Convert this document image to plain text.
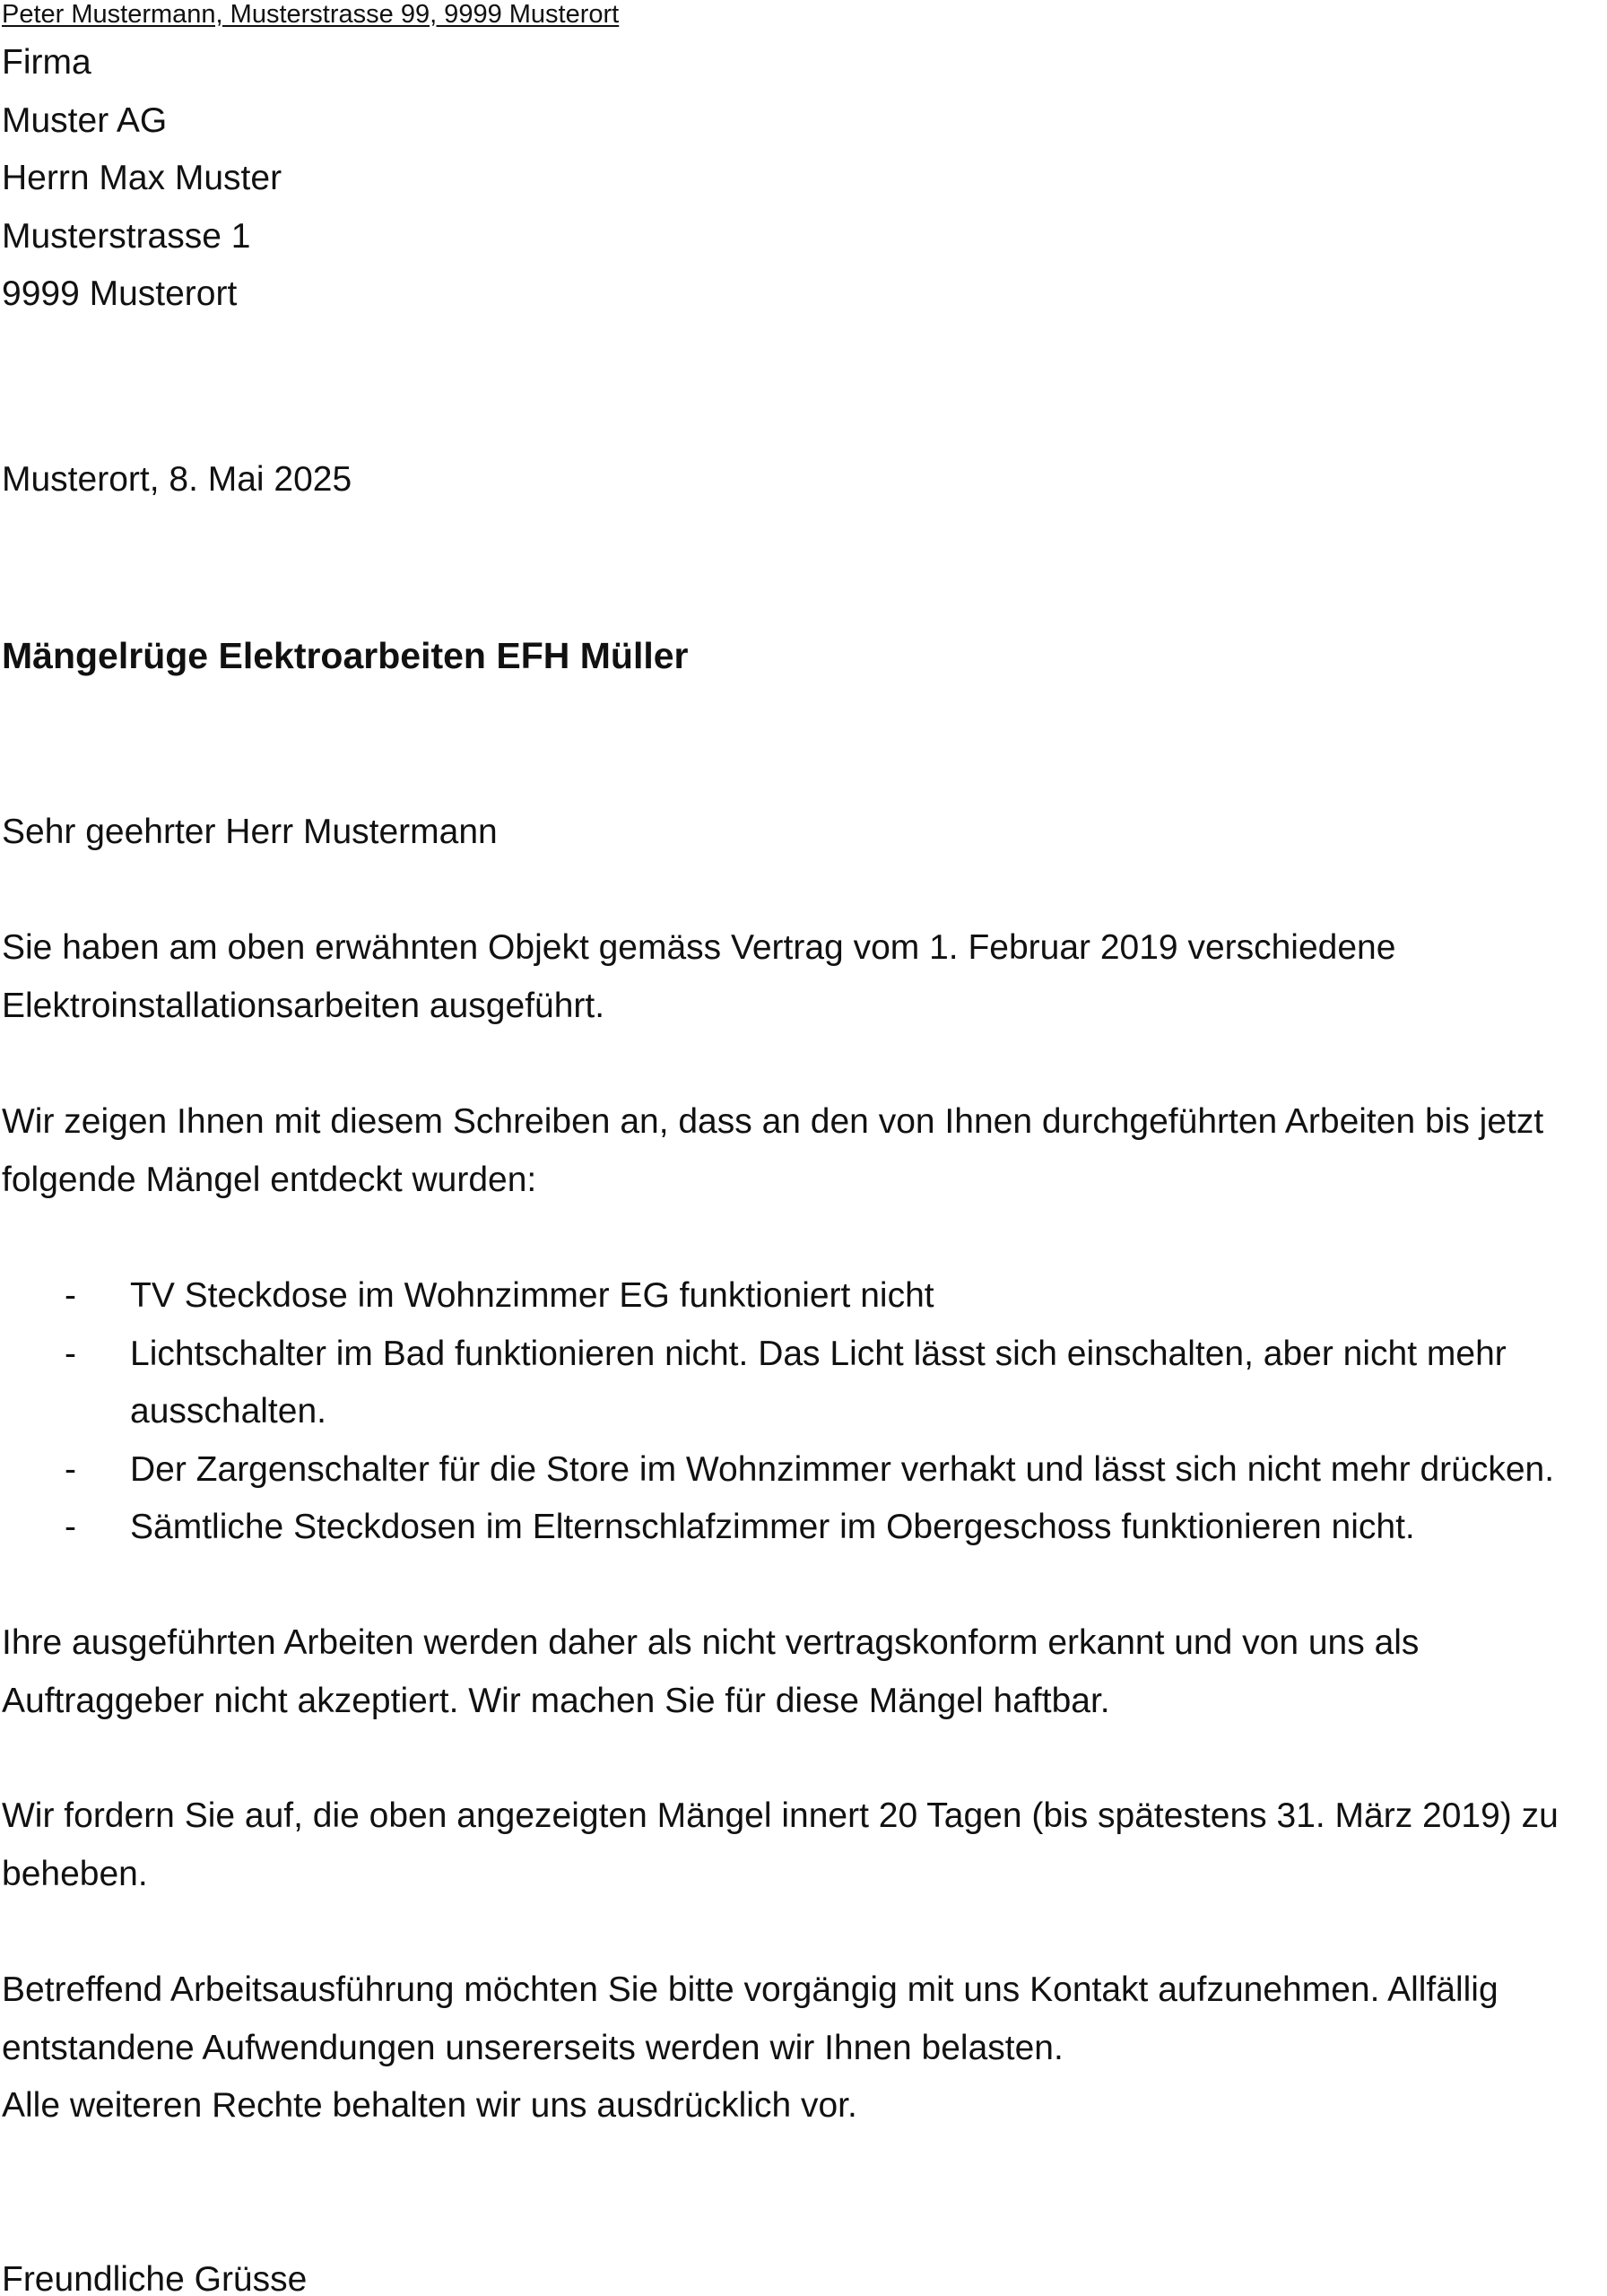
Peter Mustermann, Musterstrasse 99, 9999 Musterort
Firma
Muster AG
Herrn Max Muster
Musterstrasse 1
9999 Musterort
Musterort, 8. Mai 2025
Mängelrüge Elektroarbeiten EFH Müller
Sehr geehrter Herr Mustermann
Sie haben am oben erwähnten Objekt gemäss Vertrag vom 1. Februar 2019 verschiedene
Elektroinstallationsarbeiten ausgeführt.
Wir zeigen Ihnen mit diesem Schreiben an, dass an den von Ihnen durchgeführten Arbeiten bis jetzt
folgende Mängel entdeckt wurden:
-	TV Steckdose im Wohnzimmer EG funktioniert nicht
-	Lichtschalter im Bad funktionieren nicht. Das Licht lässt sich einschalten, aber nicht mehr ausschalten.
-	Der Zargenschalter für die Store im Wohnzimmer verhakt und lässt sich nicht mehr drücken.
-	Sämtliche Steckdosen im Elternschlafzimmer im Obergeschoss funktionieren nicht.
Ihre ausgeführten Arbeiten werden daher als nicht vertragskonform erkannt und von uns als
Auftraggeber nicht akzeptiert. Wir machen Sie für diese Mängel haftbar.
Wir fordern Sie auf, die oben angezeigten Mängel innert 20 Tagen (bis spätestens 31. März 2019) zu
beheben.
Betreffend Arbeitsausführung möchten Sie bitte vorgängig mit uns Kontakt aufzunehmen. Allfällig
entstandene Aufwendungen unsererseits werden wir Ihnen belasten.
Alle weiteren Rechte behalten wir uns ausdrücklich vor.
Freundliche Grüsse
